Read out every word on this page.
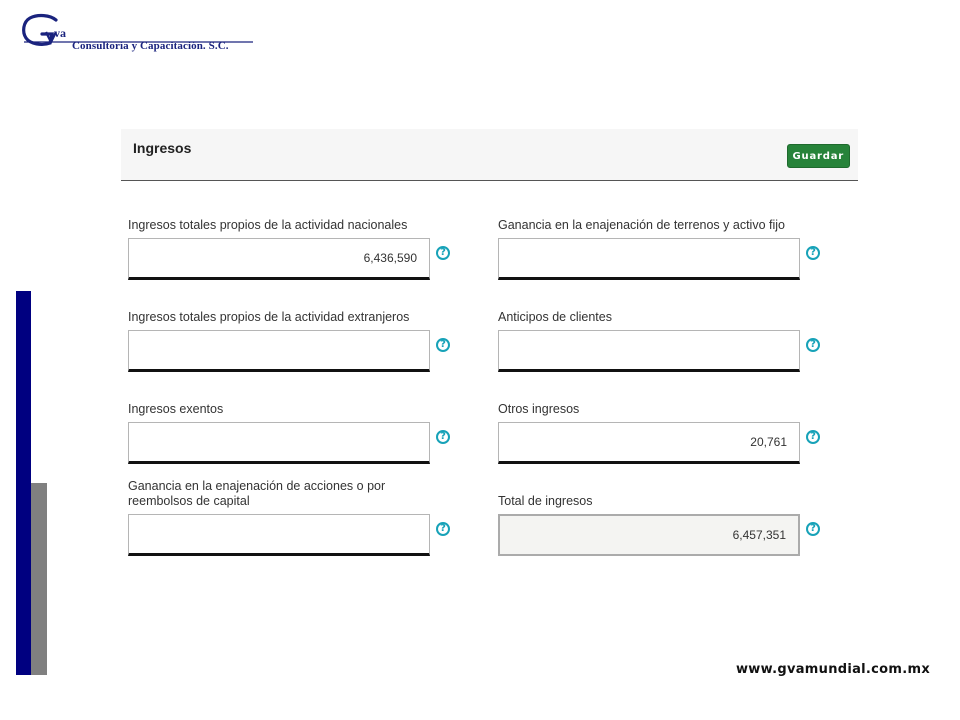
va
Consultoría y Capacitación. S.C.
Ingresos	Guardar
Ingresos totales propios de la actividad nacionales
6,436,590	?
Ingresos totales propios de la actividad extranjeros
?
Ingresos exentos
?
Ganancia en la enajenación de acciones o por reembolsos de capital
?
Ganancia en la enajenación de terrenos y activo fijo
?
Anticipos de clientes
?
Otros ingresos
20,761	?
Total de ingresos
6,457,351	?
www.gvamundial.com.mx
